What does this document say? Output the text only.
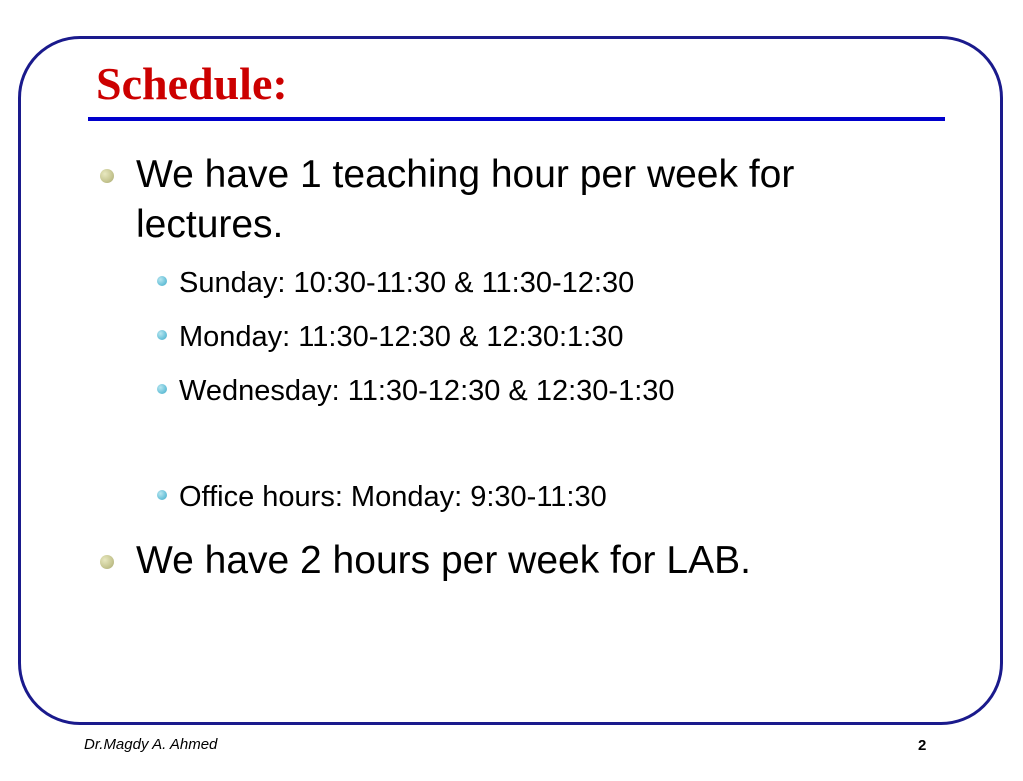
Schedule:
We have 1 teaching hour per week for
lectures.
Sunday: 10:30-11:30 & 11:30-12:30
Monday: 11:30-12:30 & 12:30:1:30
Wednesday: 11:30-12:30 & 12:30-1:30
Office hours: Monday: 9:30-11:30
We have 2 hours per week for LAB.
Dr.Magdy A. Ahmed	2
